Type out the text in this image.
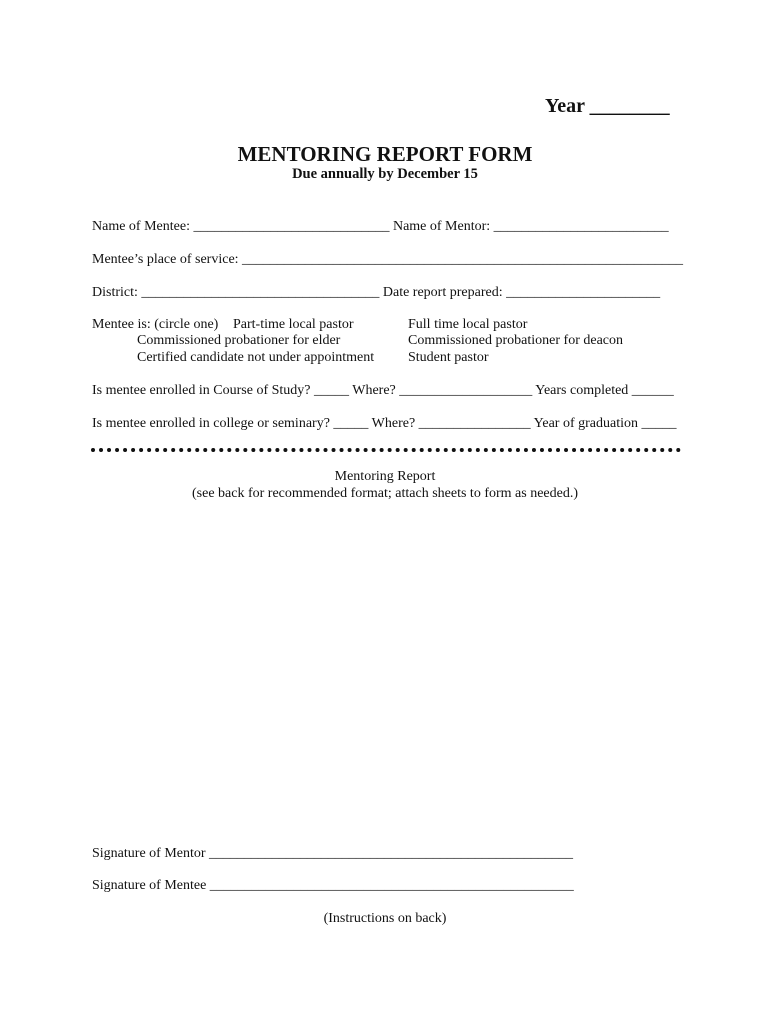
Year ________
MENTORING REPORT FORM
Due annually by December 15
Name of Mentee: ____________________________ Name of Mentor: _________________________
Mentee’s place of service: _______________________________________________________________
District: __________________________________ Date report prepared: ______________________
Mentee is: (circle one) Part-time local pastor	Full time local pastor
Commissioned probationer for elder	Commissioned probationer for deacon
Certified candidate not under appointment Student pastor
Is mentee enrolled in Course of Study? _____ Where? ___________________ Years completed ______
Is mentee enrolled in college or seminary? _____ Where? ________________ Year of graduation _____
Mentoring Report
(see back for recommended format; attach sheets to form as needed.)
Signature of Mentor ____________________________________________________
Signature of Mentee ____________________________________________________
(Instructions on back)
